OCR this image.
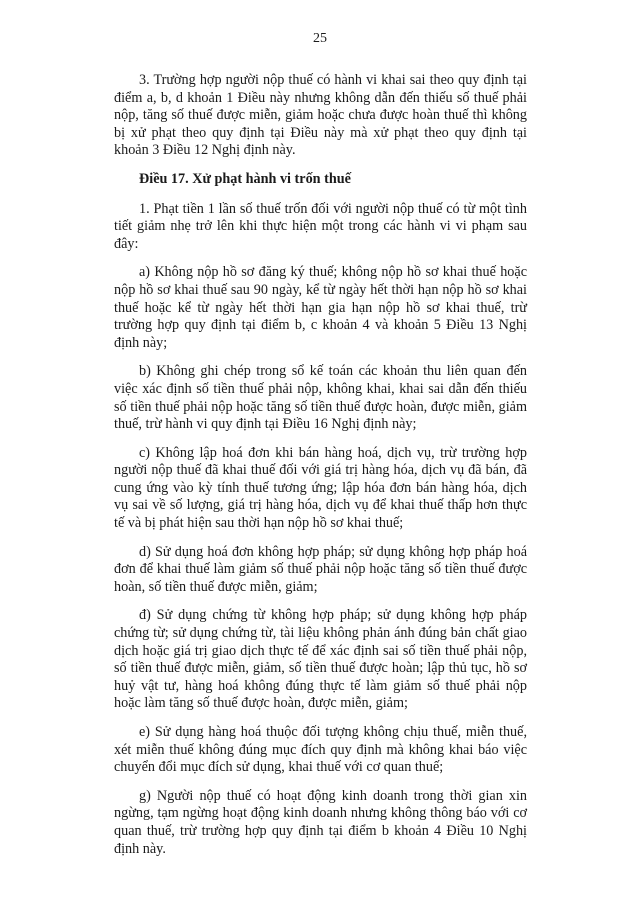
25

3. Trường hợp người nộp thuế có hành vi khai sai theo quy định tại điểm a, b, d khoản 1 Điều này nhưng không dẫn đến thiếu số thuế phải nộp, tăng số thuế được miễn, giảm hoặc chưa được hoàn thuế thì không bị xử phạt theo quy định tại Điều này mà xử phạt theo quy định tại khoản 3 Điều 12 Nghị định này.

Điều 17. Xử phạt hành vi trốn thuế

1. Phạt tiền 1 lần số thuế trốn đối với người nộp thuế có từ một tình tiết giảm nhẹ trở lên khi thực hiện một trong các hành vi vi phạm sau đây:

a) Không nộp hồ sơ đăng ký thuế; không nộp hồ sơ khai thuế hoặc nộp hồ sơ khai thuế sau 90 ngày, kể từ ngày hết thời hạn nộp hồ sơ khai thuế hoặc kể từ ngày hết thời hạn gia hạn nộp hồ sơ khai thuế, trừ trường hợp quy định tại điểm b, c khoản 4 và khoản 5 Điều 13 Nghị định này;

b) Không ghi chép trong sổ kế toán các khoản thu liên quan đến việc xác định số tiền thuế phải nộp, không khai, khai sai dẫn đến thiếu số tiền thuế phải nộp hoặc tăng số tiền thuế được hoàn, được miễn, giảm thuế, trừ hành vi quy định tại Điều 16 Nghị định này;

c) Không lập hoá đơn khi bán hàng hoá, dịch vụ, trừ trường hợp người nộp thuế đã khai thuế đối với giá trị hàng hóa, dịch vụ đã bán, đã cung ứng vào kỳ tính thuế tương ứng; lập hóa đơn bán hàng hóa, dịch vụ sai về số lượng, giá trị hàng hóa, dịch vụ để khai thuế thấp hơn thực tế và bị phát hiện sau thời hạn nộp hồ sơ khai thuế;

d) Sử dụng hoá đơn không hợp pháp; sử dụng không hợp pháp hoá đơn để khai thuế làm giảm số thuế phải nộp hoặc tăng số tiền thuế được hoàn, số tiền thuế được miễn, giảm;

đ) Sử dụng chứng từ không hợp pháp; sử dụng không hợp pháp chứng từ; sử dụng chứng từ, tài liệu không phản ánh đúng bản chất giao dịch hoặc giá trị giao dịch thực tế để xác định sai số tiền thuế phải nộp, số tiền thuế được miễn, giảm, số tiền thuế được hoàn; lập thủ tục, hồ sơ huỷ vật tư, hàng hoá không đúng thực tế làm giảm số thuế phải nộp hoặc làm tăng số thuế được hoàn, được miễn, giảm;

e) Sử dụng hàng hoá thuộc đối tượng không chịu thuế, miễn thuế, xét miễn thuế không đúng mục đích quy định mà không khai báo việc chuyển đổi mục đích sử dụng, khai thuế với cơ quan thuế;

g) Người nộp thuế có hoạt động kinh doanh trong thời gian xin ngừng, tạm ngừng hoạt động kinh doanh nhưng không thông báo với cơ quan thuế, trừ trường hợp quy định tại điểm b khoản 4 Điều 10 Nghị định này.
